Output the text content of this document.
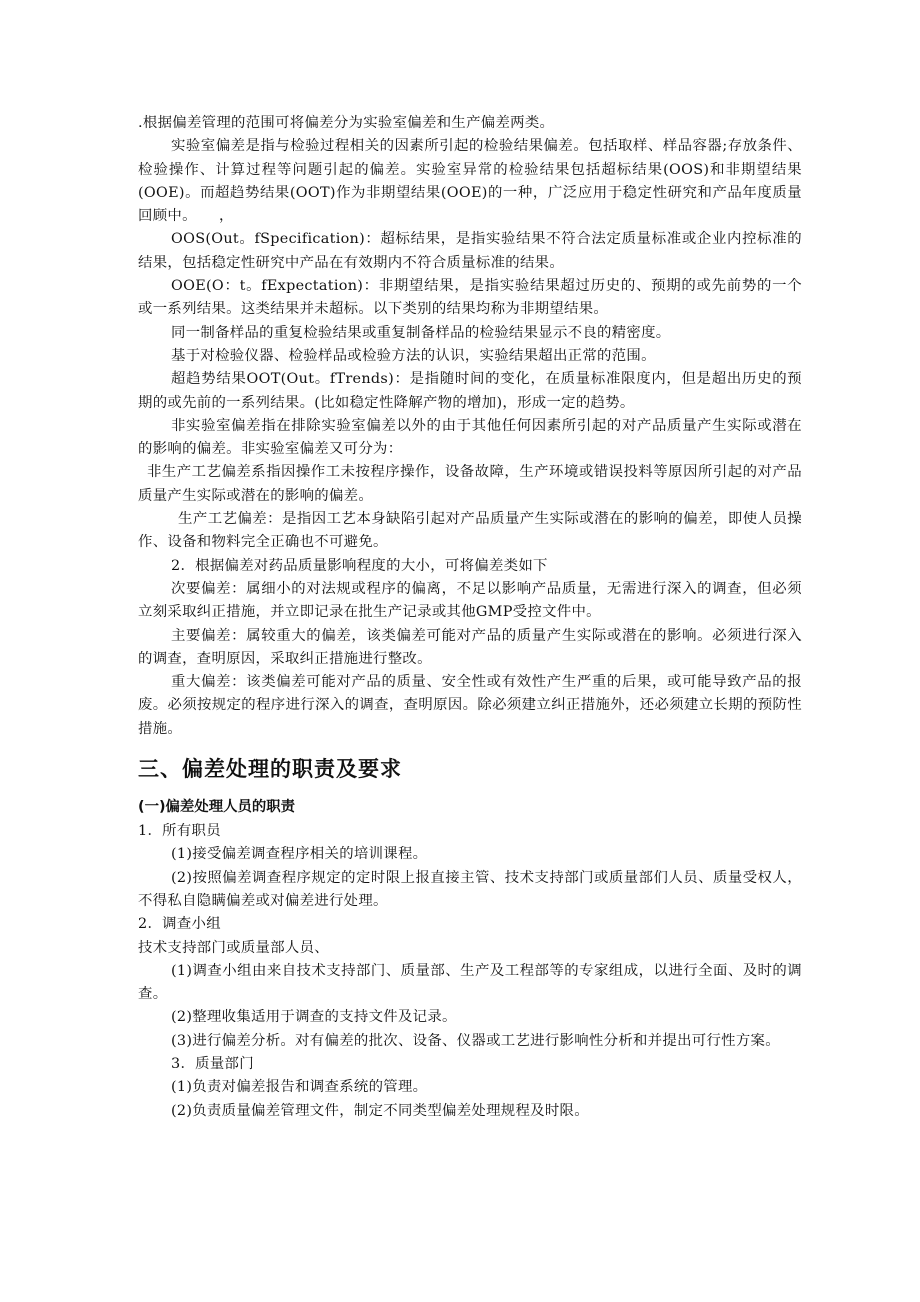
.根据偏差管理的范围可将偏差分为实验室偏差和生产偏差两类。

实验室偏差是指与检验过程相关的因素所引起的检验结果偏差。包括取样、样品容器;存放条件、检验操作、计算过程等问题引起的偏差。实验室异常的检验结果包括超标结果(OOS)和非期望结果(OOE)。而超趋势结果(OOT)作为非期望结果(OOE)的一种，广泛应用于稳定性研究和产品年度质量回顾中。　　，

OOS(Out。fSpecification)：超标结果，是指实验结果不符合法定质量标准或企业内控标准的结果，包括稳定性研究中产品在有效期内不符合质量标准的结果。

OOE(O：t。fExpectation)：非期望结果，是指实验结果超过历史的、预期的或先前势的一个或一系列结果。这类结果并未超标。以下类别的结果均称为非期望结果。

同一制备样品的重复检验结果或重复制备样品的检验结果显示不良的精密度。

基于对检验仪器、检验样品或检验方法的认识，实验结果超出正常的范围。

超趋势结果OOT(Out。fTrends)：是指随时间的变化，在质量标准限度内，但是超出历史的预期的或先前的一系列结果。(比如稳定性降解产物的增加)，形成一定的趋势。

非实验室偏差指在排除实验室偏差以外的由于其他任何因素所引起的对产品质量产生实际或潜在的影响的偏差。非实验室偏差又可分为：

非生产工艺偏差系指因操作工未按程序操作，设备故障，生产环境或错误投料等原因所引起的对产品质量产生实际或潜在的影响的偏差。

生产工艺偏差：是指因工艺本身缺陷引起对产品质量产生实际或潜在的影响的偏差，即使人员操作、设备和物料完全正确也不可避免。

2．根据偏差对药品质量影响程度的大小，可将偏差类如下

次要偏差：属细小的对法规或程序的偏离，不足以影响产品质量，无需进行深入的调查，但必须立刻采取纠正措施，并立即记录在批生产记录或其他GMP受控文件中。

主要偏差：属较重大的偏差，该类偏差可能对产品的质量产生实际或潜在的影响。必须进行深入的调查，查明原因，采取纠正措施进行整改。

重大偏差：该类偏差可能对产品的质量、安全性或有效性产生严重的后果，或可能导致产品的报废。必须按规定的程序进行深入的调查，查明原因。除必须建立纠正措施外，还必须建立长期的预防性措施。

三、偏差处理的职责及要求
(一)偏差处理人员的职责

1．所有职员

(1)接受偏差调查程序相关的培训课程。

(2)按照偏差调查程序规定的定时限上报直接主管、技术支持部门或质量部们人员、质量受权人，不得私自隐瞒偏差或对偏差进行处理。

2．调查小组

技术支持部门或质量部人员、

(1)调查小组由来自技术支持部门、质量部、生产及工程部等的专家组成，以进行全面、及时的调查。

(2)整理收集适用于调查的支持文件及记录。

(3)进行偏差分析。对有偏差的批次、设备、仪器或工艺进行影响性分析和并提出可行性方案。

3．质量部门

(1)负责对偏差报告和调查系统的管理。

(2)负责质量偏差管理文件，制定不同类型偏差处理规程及时限。
